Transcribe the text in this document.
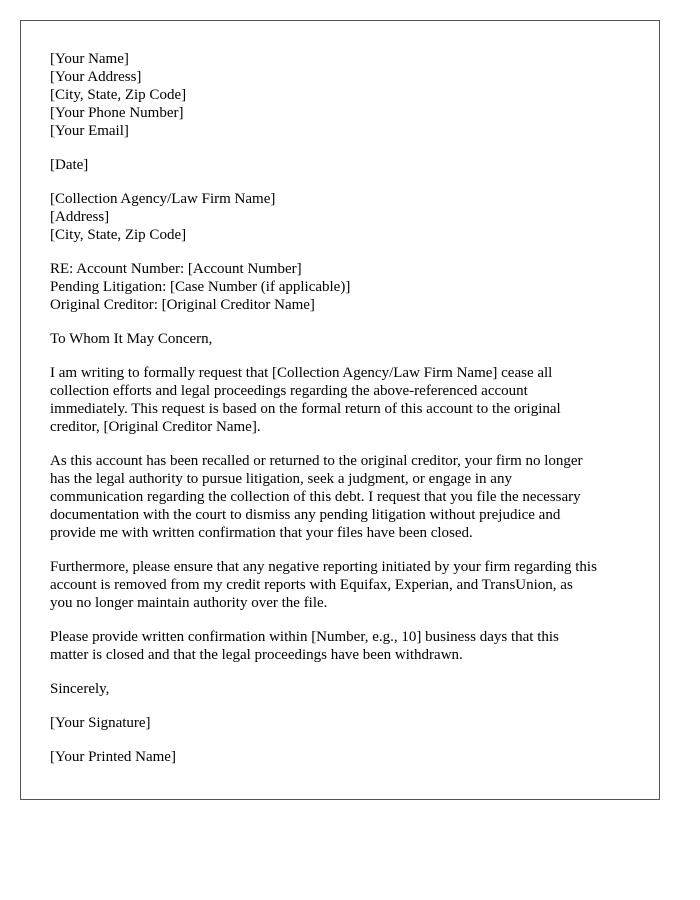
[Your Name]
[Your Address]
[City, State, Zip Code]
[Your Phone Number]
[Your Email]
[Date]
[Collection Agency/Law Firm Name]
[Address]
[City, State, Zip Code]
RE: Account Number: [Account Number]
Pending Litigation: [Case Number (if applicable)]
Original Creditor: [Original Creditor Name]
To Whom It May Concern,
I am writing to formally request that [Collection Agency/Law Firm Name] cease all
collection efforts and legal proceedings regarding the above-referenced account
immediately. This request is based on the formal return of this account to the original
creditor, [Original Creditor Name].
As this account has been recalled or returned to the original creditor, your firm no longer
has the legal authority to pursue litigation, seek a judgment, or engage in any
communication regarding the collection of this debt. I request that you file the necessary
documentation with the court to dismiss any pending litigation without prejudice and
provide me with written confirmation that your files have been closed.
Furthermore, please ensure that any negative reporting initiated by your firm regarding this
account is removed from my credit reports with Equifax, Experian, and TransUnion, as
you no longer maintain authority over the file.
Please provide written confirmation within [Number, e.g., 10] business days that this
matter is closed and that the legal proceedings have been withdrawn.
Sincerely,
[Your Signature]
[Your Printed Name]
